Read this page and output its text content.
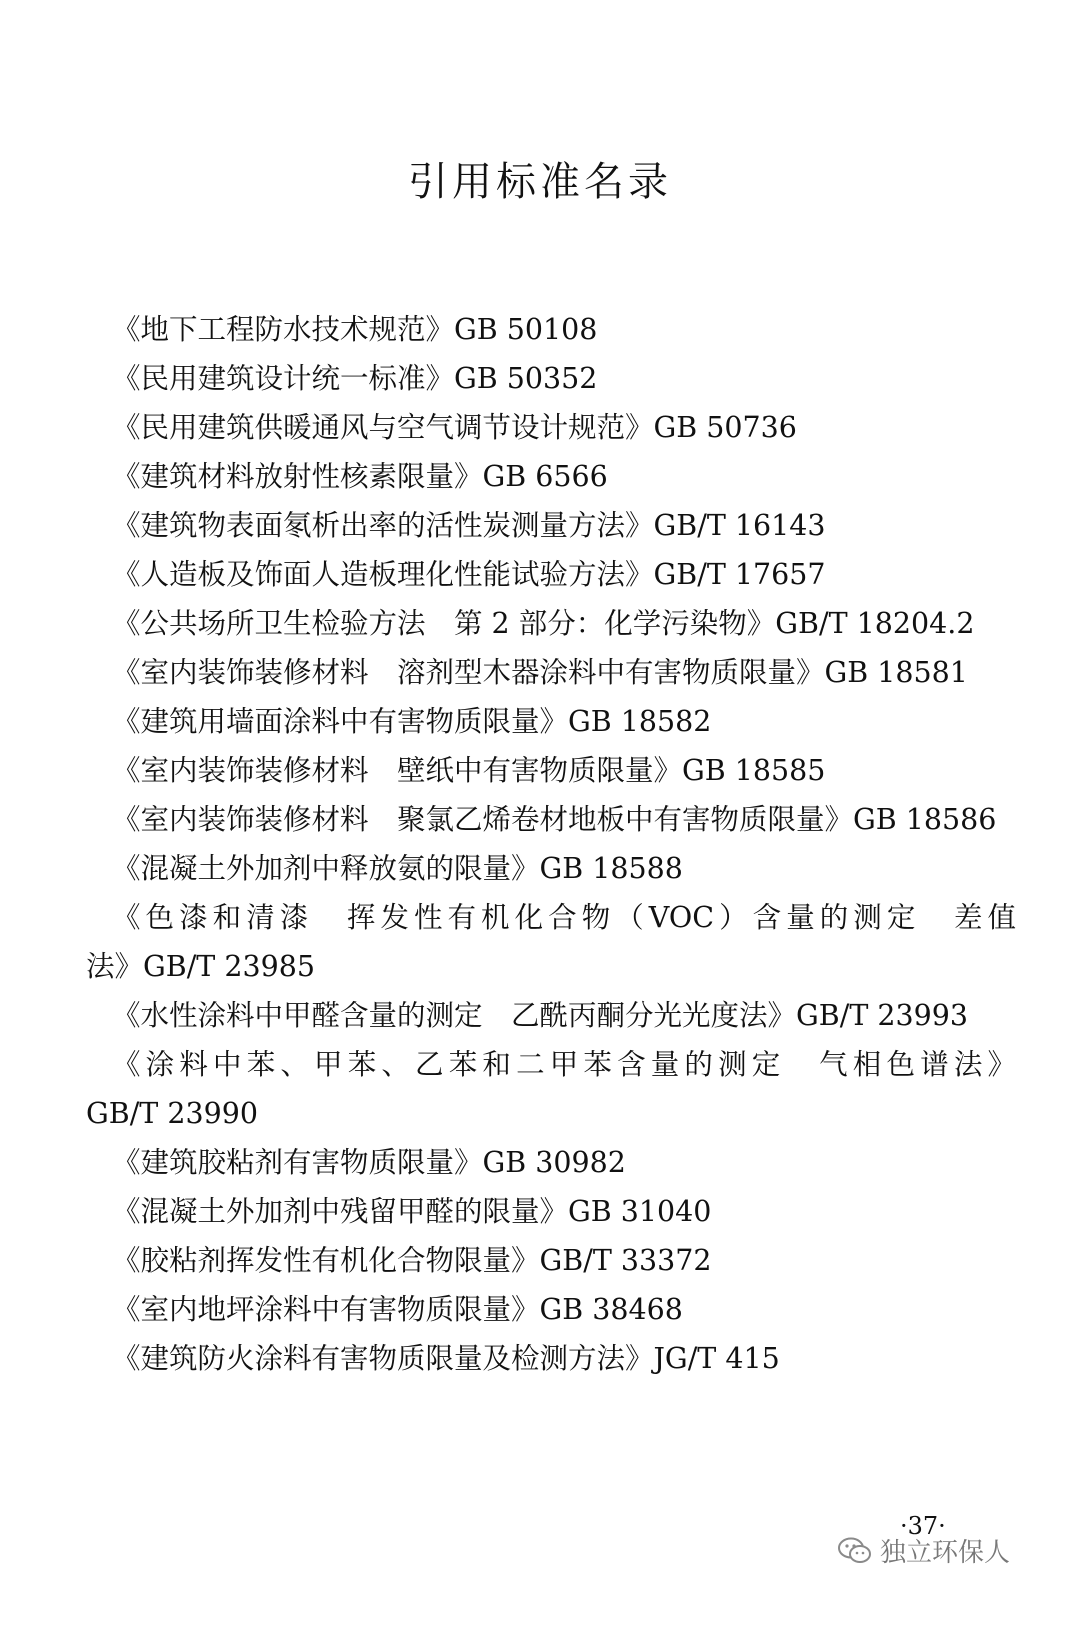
引用标准名录
《地下工程防水技术规范》GB 50108
《民用建筑设计统一标准》GB 50352
《民用建筑供暖通风与空气调节设计规范》GB 50736
《建筑材料放射性核素限量》GB 6566
《建筑物表面氡析出率的活性炭测量方法》GB/T 16143
《人造板及饰面人造板理化性能试验方法》GB/T 17657
《公共场所卫生检验方法　第 2 部分：化学污染物》GB/T 18204.2
《室内装饰装修材料　溶剂型木器涂料中有害物质限量》GB 18581
《建筑用墙面涂料中有害物质限量》GB 18582
《室内装饰装修材料　壁纸中有害物质限量》GB 18585
《室内装饰装修材料　聚氯乙烯卷材地板中有害物质限量》GB 18586
《混凝土外加剂中释放氨的限量》GB 18588
《色漆和清漆　挥发性有机化合物（VOC）含量的测定　差值
法》GB/T 23985
《水性涂料中甲醛含量的测定　乙酰丙酮分光光度法》GB/T 23993
《涂料中苯、甲苯、乙苯和二甲苯含量的测定　气相色谱法》
GB/T 23990
《建筑胶粘剂有害物质限量》GB 30982
《混凝土外加剂中残留甲醛的限量》GB 31040
《胶粘剂挥发性有机化合物限量》GB/T 33372
《室内地坪涂料中有害物质限量》GB 38468
《建筑防火涂料有害物质限量及检测方法》JG/T 415
·37·
独立环保人
